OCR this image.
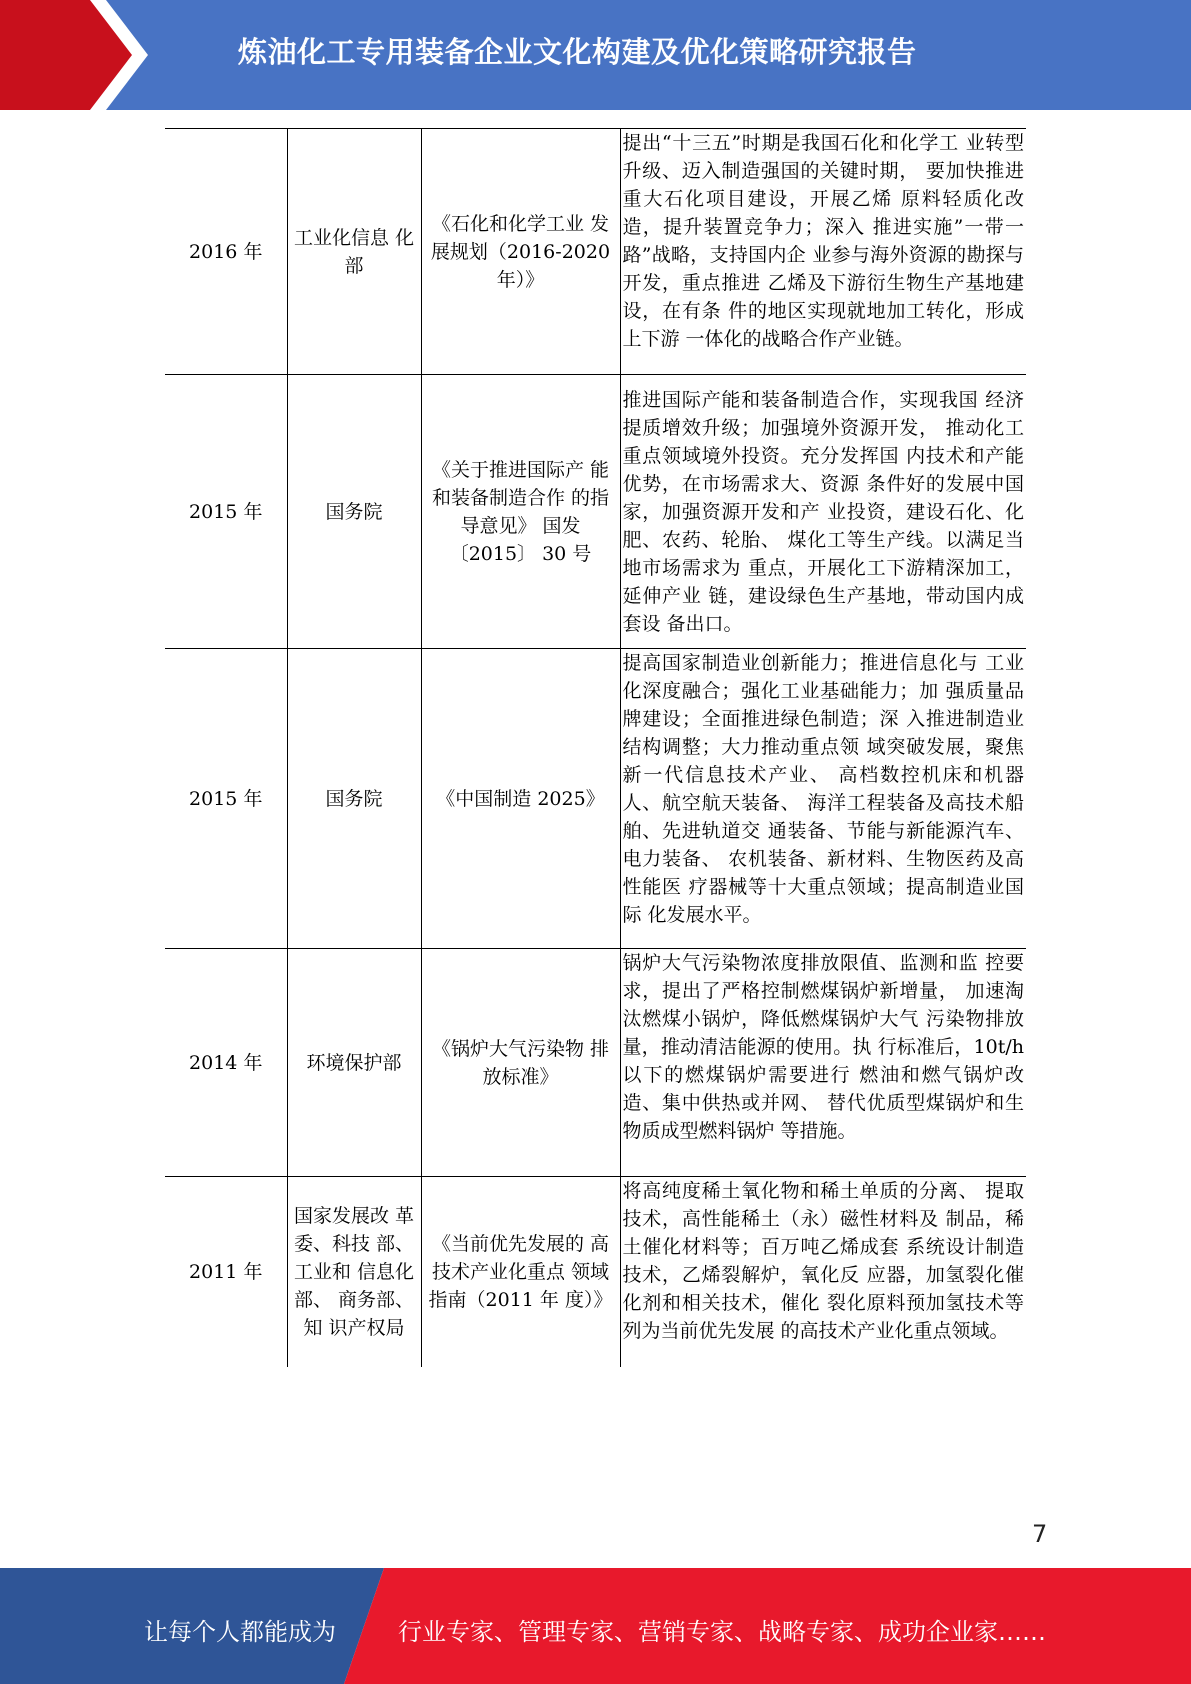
炼油化工专用装备企业文化构建及优化策略研究报告
2016 年	工业化信息 化部	《石化和化学工业 发展规划（2016-2020 年）》	提出“十三五”时期是我国石化和化学工 业转型升级、迈入制造强国的关键时期， 要加快推进重大石化项目建设，开展乙烯 原料轻质化改造，提升装置竞争力；深入 推进实施”一带一路”战略，支持国内企 业参与海外资源的勘探与开发，重点推进 乙烯及下游衍生物生产基地建设，在有条 件的地区实现就地加工转化，形成上下游 一体化的战略合作产业链。
2015 年	国务院	《关于推进国际产 能和装备制造合作 的指导意见》 国发〔2015〕 30 号	推进国际产能和装备制造合作，实现我国 经济提质增效升级；加强境外资源开发， 推动化工重点领域境外投资。充分发挥国 内技术和产能优势，在市场需求大、资源 条件好的发展中国家，加强资源开发和产 业投资，建设石化、化肥、农药、轮胎、 煤化工等生产线。以满足当地市场需求为 重点，开展化工下游精深加工，延伸产业 链，建设绿色生产基地，带动国内成套设 备出口。
2015 年	国务院	《中国制造 2025》	提高国家制造业创新能力；推进信息化与 工业化深度融合；强化工业基础能力；加 强质量品牌建设；全面推进绿色制造；深 入推进制造业结构调整；大力推动重点领 域突破发展，聚焦新一代信息技术产业、 高档数控机床和机器人、航空航天装备、 海洋工程装备及高技术船舶、先进轨道交 通装备、节能与新能源汽车、电力装备、 农机装备、新材料、生物医药及高性能医 疗器械等十大重点领域；提高制造业国际 化发展水平。
2014 年	环境保护部	《锅炉大气污染物 排放标准》	锅炉大气污染物浓度排放限值、监测和监 控要求，提出了严格控制燃煤锅炉新增量， 加速淘汰燃煤小锅炉，降低燃煤锅炉大气 污染物排放量，推动清洁能源的使用。执 行标准后，10t/h 以下的燃煤锅炉需要进行 燃油和燃气锅炉改造、集中供热或并网、 替代优质型煤锅炉和生物质成型燃料锅炉 等措施。
2011 年	国家发展改 革委、科技 部、工业和 信息化部、 商务部、知 识产权局	《当前优先发展的 高技术产业化重点 领域指南（2011 年 度）》	将高纯度稀土氧化物和稀土单质的分离、 提取技术，高性能稀土（永）磁性材料及 制品，稀土催化材料等；百万吨乙烯成套 系统设计制造技术，乙烯裂解炉，氧化反 应器，加氢裂化催化剂和相关技术，催化 裂化原料预加氢技术等列为当前优先发展 的高技术产业化重点领域。
7
让每个人都能成为	行业专家、管理专家、营销专家、战略专家、成功企业家……
